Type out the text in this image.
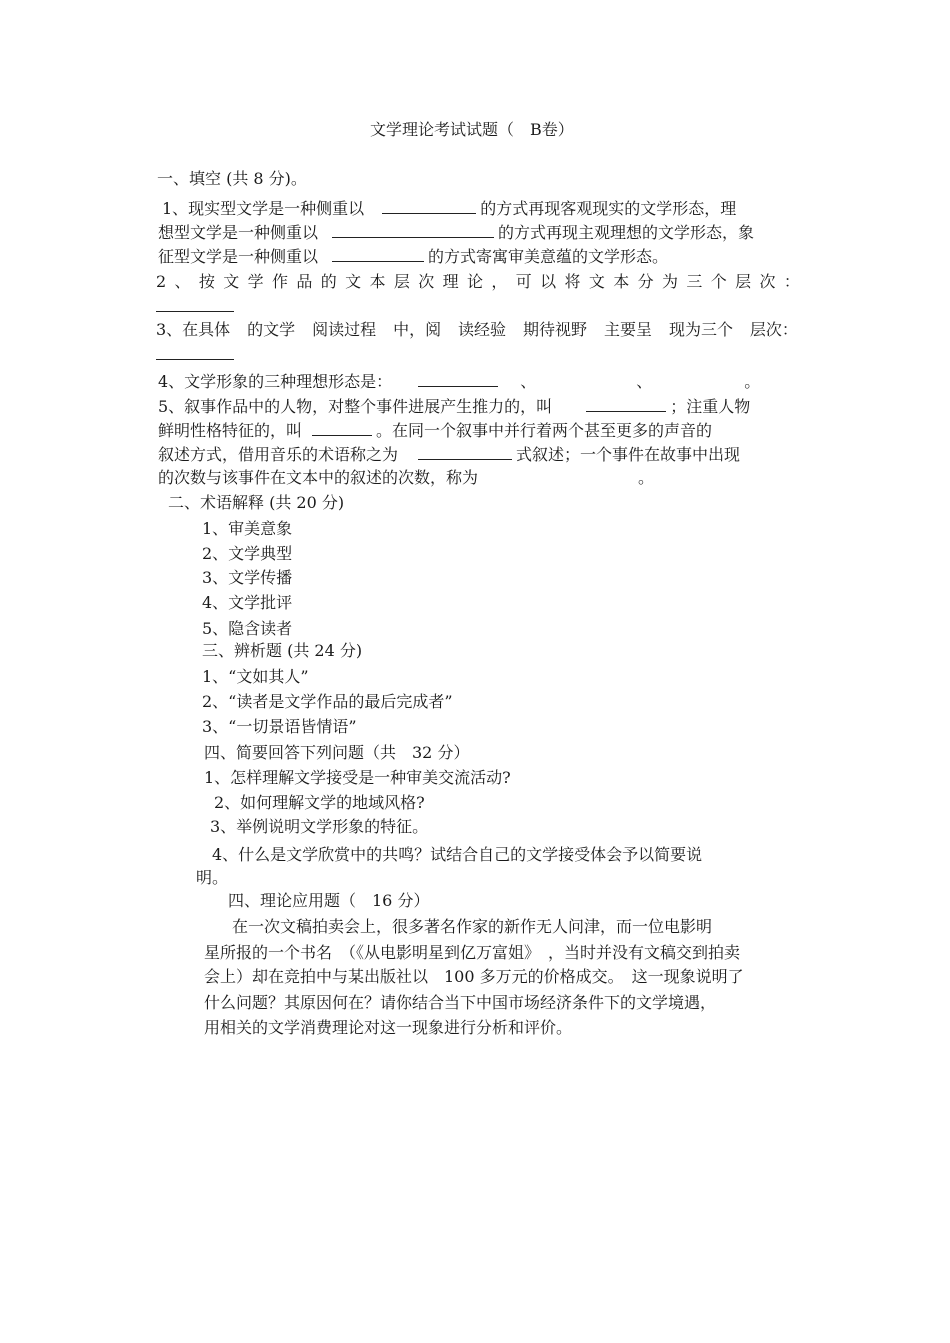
文学理论考试试题（　B卷）
一、填空 (共 8 分)。
1、现实型文学是一种侧重以	的方式再现客观现实的文学形态，理
想型文学是一种侧重以	的方式再现主观理想的文学形态，象
征型文学是一种侧重以	的方式寄寓审美意蕴的文学形态。
2 、 按 文 学 作 品 的 文 本 层 次 理 论 ， 可 以 将 文 本 分 为 三 个 层 次 ：
3、在具体 的文学 阅读过程 中，阅 读经验 期待视野 主要呈 现为三个 层次：
4、文学形象的三种理想形态是：	、	、	。
5、叙事作品中的人物，对整个事件进展产生推力的，叫	；注重人物
鲜明性格特征的，叫	。在同一个叙事中并行着两个甚至更多的声音的
叙述方式，借用音乐的术语称之为	式叙述；一个事件在故事中出现
的次数与该事件在文本中的叙述的次数，称为	。
二、术语解释 (共 20 分)
1、审美意象
2、文学典型
3、文学传播
4、文学批评
5、隐含读者
三、辨析题 (共 24 分)
1、“文如其人”
2、“读者是文学作品的最后完成者”
3、“一切景语皆情语”
四、简要回答下列问题（共　32 分）
1、怎样理解文学接受是一种审美交流活动?
2、如何理解文学的地域风格?
3、举例说明文学形象的特征。
4、什么是文学欣赏中的共鸣？试结合自己的文学接受体会予以简要说
明。
四、理论应用题（　16 分）
在一次文稿拍卖会上，很多著名作家的新作无人问津，而一位电影明
星所报的一个书名　（《从电影明星到亿万富姐》　，当时并没有文稿交到拍卖
会上）却在竞拍中与某出版社以　100 多万元的价格成交。　这一现象说明了
什么问题？其原因何在？请你结合当下中国市场经济条件下的文学境遇，
用相关的文学消费理论对这一现象进行分析和评价。
